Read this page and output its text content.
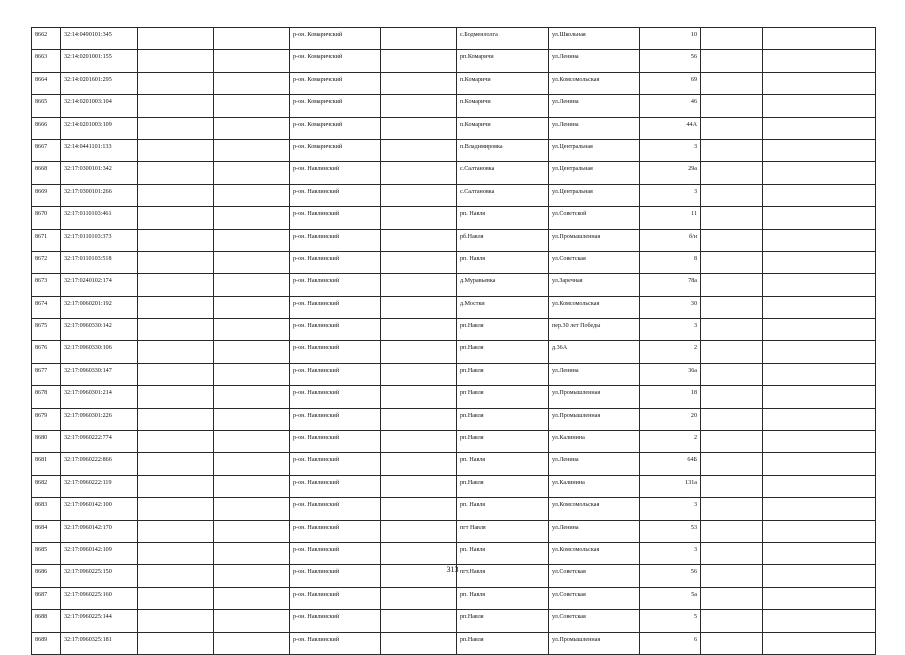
8662	32:14:0490101:345			р-он. Комаричский		с.Бодменлолга	ул.Школьная	10		
8663	32:14:0201001:155			р-он. Комаричский		рп.Комаричи	ул.Ленина	56		
8664	32:14:0201601:295			р-он. Комаричский		п.Комаричи	ул.Комсомольская	69		
8665	32:14:0201003:104			р-он. Комаричский		п.Комаричи	ул.Ленина	46		
8666	32:14:0201003:109			р-он. Комаричский		п.Комаричи	ул.Ленина	44А		
8667	32:14:0441101:133			р-он. Комаричский		п.Владимировка	ул.Центральная	3		
8668	32:17:0300101:342			р-он. Навлинский		с.Салтановка	ул.Центральная	29а		
8669	32:17:0300101:266			р-он. Навлинский		с.Салтановка	ул.Центральная	3		
8670	32:17:0110103:461			р-он. Навлинский		рп. Навля	ул.Советской	11		
8671	32:17:0110103:373			р-он. Навлинский		рб.Навля	ул.Промышленная	б/н		
8672	32:17:0110103:518			р-он. Навлинский		рп. Навля	ул.Советская	8		
8673	32:17:0240102:174			р-он. Навлинский		д.Муравьевка	ул.Заречная	78а		
8674	32:17:0060201:192			р-он. Навлинский		д.Мостки	ул.Комсомольская	30		
8675	32:17:0960330:142			р-он. Навлинский		рп.Навля	пер.30 лет Победы	3		
8676	32:17:0960330:106			р-он. Навлинский		рп.Навля	д.36А	2		
8677	32:17:0960330:147			р-он. Навлинский		рп.Навля	ул.Ленина	36а		
8678	32:17:0960301:214			р-он. Навлинский		рп Навля	ул.Промышленная	18		
8679	32:17:0960301:226			р-он. Навлинский		рп.Навля	ул.Промышленная	20		
8680	32:17:0960222:774			р-он. Навлинский		рп.Навля	ул.Калинина	2		
8681	32:17:0960222:866			р-он. Навлинский		рп. Навля	ул.Ленина	64Б		
8682	32:17:0960222:119			р-он. Навлинский		рп.Навля	ул.Калинина	131а		
8683	32:17:0960142:100			р-он. Навлинский		рп. Навля	ул.Комсомольская	3		
8684	32:17:0960142:170			р-он. Навлинский		пгт Навля	ул.Ленина	53		
8685	32:17:0960142:109			р-он. Навлинский		рп. Навля	ул.Комсомольская	3		
8686	32:17:0960225:150			р-он. Навлинский		пгт.Навля	ул.Советская	56		
8687	32:17:0960225:160			р-он. Навлинский		рп. Навля	ул.Советская	5а		
8688	32:17:0960225:144			р-он. Навлинский		рп.Навля	ул.Советская	5		
8689	32:17:0960325:181			р-он. Навлинский		рп.Навля	ул.Промышленная	6		
313
